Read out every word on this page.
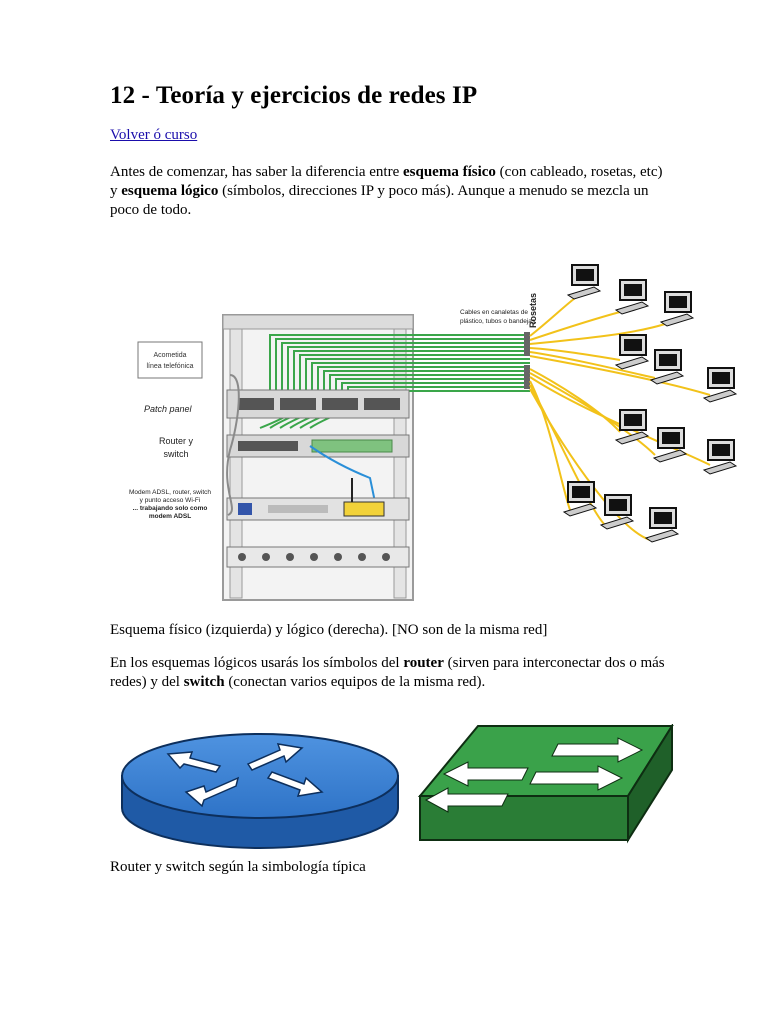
12 - Teoría y ejercicios de redes IP
Volver ó curso

Antes de comenzar, has saber la diferencia entre esquema físico (con cableado, rosetas, etc) y esquema lógico (símbolos, direcciones IP y poco más). Aunque a menudo se mezcla un poco de todo.

Acometida
línea telefónica
Patch panel
Router y
switch
Modem ADSL, router, switch
y punto acceso Wi-Fi
... trabajando solo como
modem ADSL
Cables en canaletas de
plástico, tubos o bandejas
Rosetas

Esquema físico (izquierda) y lógico (derecha). [NO son de la misma red]

En los esquemas lógicos usarás los símbolos del router (sirven para interconectar dos o más redes) y del switch (conectan varios equipos de la misma red).

Router y switch según la simbología típica
